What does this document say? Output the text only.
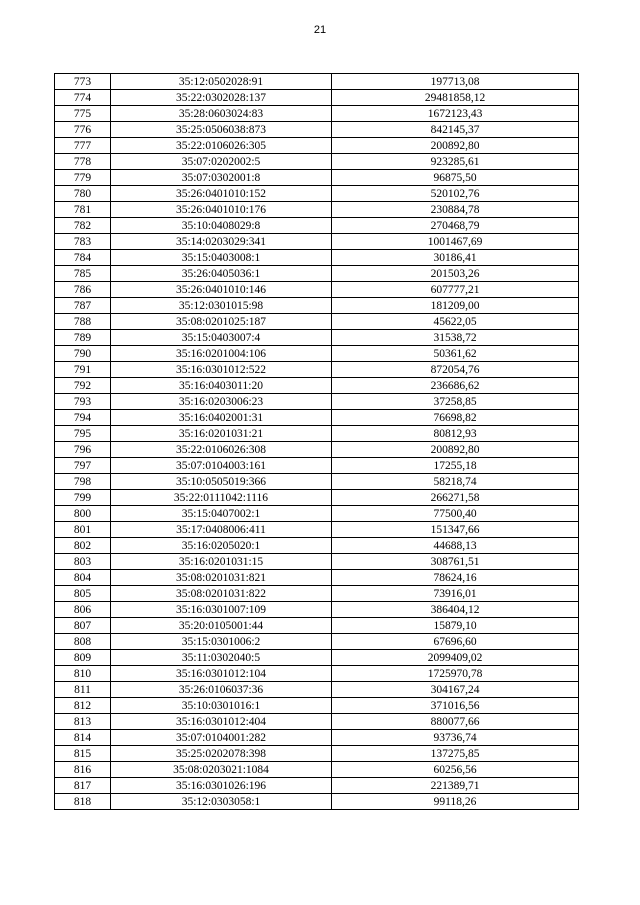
21
773	35:12:0502028:91	197713,08
774	35:22:0302028:137	29481858,12
775	35:28:0603024:83	1672123,43
776	35:25:0506038:873	842145,37
777	35:22:0106026:305	200892,80
778	35:07:0202002:5	923285,61
779	35:07:0302001:8	96875,50
780	35:26:0401010:152	520102,76
781	35:26:0401010:176	230884,78
782	35:10:0408029:8	270468,79
783	35:14:0203029:341	1001467,69
784	35:15:0403008:1	30186,41
785	35:26:0405036:1	201503,26
786	35:26:0401010:146	607777,21
787	35:12:0301015:98	181209,00
788	35:08:0201025:187	45622,05
789	35:15:0403007:4	31538,72
790	35:16:0201004:106	50361,62
791	35:16:0301012:522	872054,76
792	35:16:0403011:20	236686,62
793	35:16:0203006:23	37258,85
794	35:16:0402001:31	76698,82
795	35:16:0201031:21	80812,93
796	35:22:0106026:308	200892,80
797	35:07:0104003:161	17255,18
798	35:10:0505019:366	58218,74
799	35:22:0111042:1116	266271,58
800	35:15:0407002:1	77500,40
801	35:17:0408006:411	151347,66
802	35:16:0205020:1	44688,13
803	35:16:0201031:15	308761,51
804	35:08:0201031:821	78624,16
805	35:08:0201031:822	73916,01
806	35:16:0301007:109	386404,12
807	35:20:0105001:44	15879,10
808	35:15:0301006:2	67696,60
809	35:11:0302040:5	2099409,02
810	35:16:0301012:104	1725970,78
811	35:26:0106037:36	304167,24
812	35:10:0301016:1	371016,56
813	35:16:0301012:404	880077,66
814	35:07:0104001:282	93736,74
815	35:25:0202078:398	137275,85
816	35:08:0203021:1084	60256,56
817	35:16:0301026:196	221389,71
818	35:12:0303058:1	99118,26
